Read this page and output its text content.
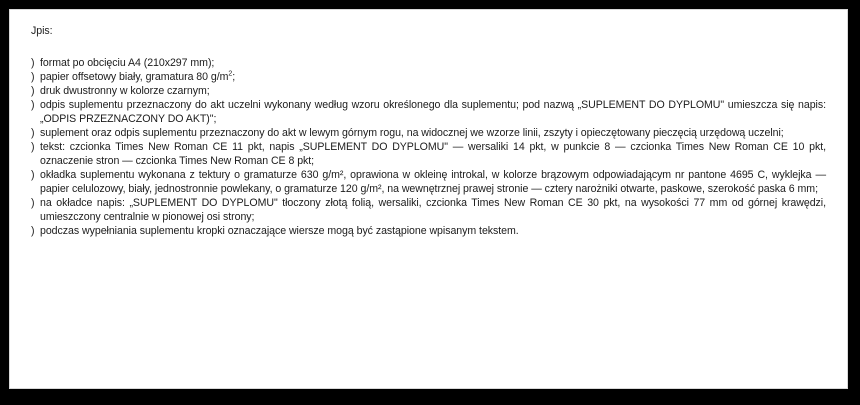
Jpis:
) format po obcięciu A4 (210x297 mm);
) papier offsetowy biały, gramatura 80 $g/m^2$;
) druk dwustronny w kolorze czarnym;
) odpis suplementu przeznaczony do akt uczelni wykonany według wzoru określonego dla suplementu; pod nazwą „SUPLEMENT DO DYPLOMU" umieszcza się napis: „ODPIS PRZEZNACZONY DO AKT)";
) suplement oraz odpis suplementu przeznaczony do akt w lewym górnym rogu, na widocznej we wzorze linii, zszyty i opieczętowany pieczęcią urzędową uczelni;
) tekst: czcionka Times New Roman CE 11 pkt, napis „SUPLEMENT DO DYPLOMU" — wersaliki 14 pkt, w punkcie 8 — czcionka Times New Roman CE 10 pkt, oznaczenie stron — czcionka Times New Roman CE 8 pkt;
) okładka suplementu wykonana z tektury o gramaturze 630 g/m², oprawiona w okleinę introkal, w kolorze brązowym odpowiadającym nr pantone 4695 C, wyklejka — papier celulozowy, biały, jednostronnie powlekany, o gramaturze 120 g/m², na wewnętrznej prawej stronie — cztery narożniki otwarte, paskowe, szerokość paska 6 mm;
) na okładce napis: „SUPLEMENT DO DYPLOMU" tłoczony złotą folią, wersaliki, czcionka Times New Roman CE 30 pkt, na wysokości 77 mm od górnej krawędzi, umieszczony centralnie w pionowej osi strony;
) podczas wypełniania suplementu kropki oznaczające wiersze mogą być zastąpione wpisanym tekstem.
